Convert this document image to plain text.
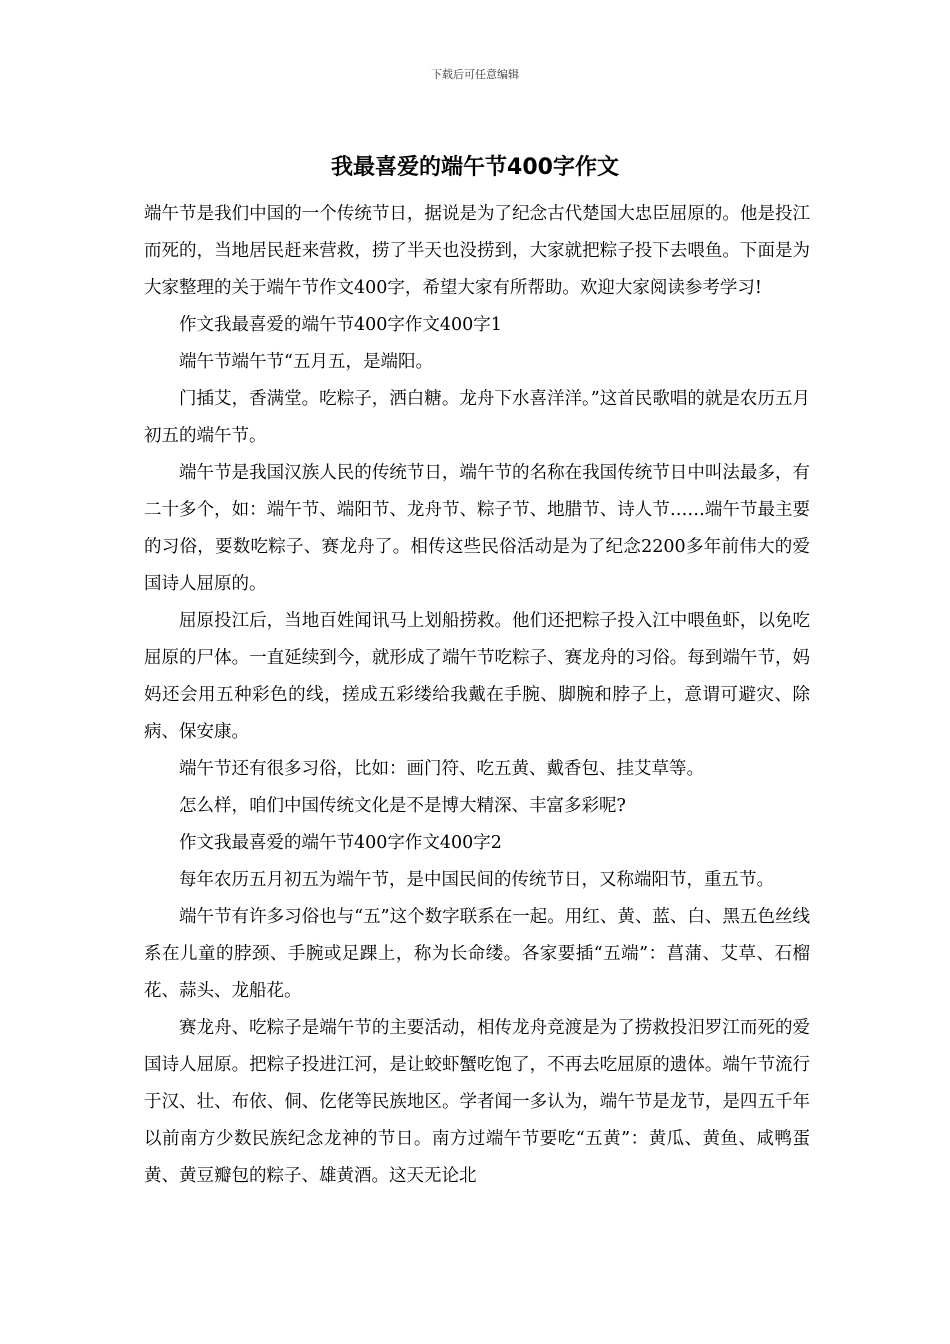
下载后可任意编辑
我最喜爱的端午节400字作文

端午节是我们中国的一个传统节日，据说是为了纪念古代楚国大忠臣屈原的。他是投江而死的，当地居民赶来营救，捞了半天也没捞到，大家就把粽子投下去喂鱼。下面是为大家整理的关于端午节作文400字，希望大家有所帮助。欢迎大家阅读参考学习!

作文我最喜爱的端午节400字作文400字1

端午节端午节“五月五，是端阳。

门插艾，香满堂。吃粽子，洒白糖。龙舟下水喜洋洋。”这首民歌唱的就是农历五月初五的端午节。

端午节是我国汉族人民的传统节日，端午节的名称在我国传统节日中叫法最多，有二十多个，如：端午节、端阳节、龙舟节、粽子节、地腊节、诗人节……端午节最主要的习俗，要数吃粽子、赛龙舟了。相传这些民俗活动是为了纪念2200多年前伟大的爱国诗人屈原的。

屈原投江后，当地百姓闻讯马上划船捞救。他们还把粽子投入江中喂鱼虾，以免吃屈原的尸体。一直延续到今，就形成了端午节吃粽子、赛龙舟的习俗。每到端午节，妈妈还会用五种彩色的线，搓成五彩缕给我戴在手腕、脚腕和脖子上，意谓可避灾、除病、保安康。

端午节还有很多习俗，比如：画门符、吃五黄、戴香包、挂艾草等。

怎么样，咱们中国传统文化是不是博大精深、丰富多彩呢?

作文我最喜爱的端午节400字作文400字2

每年农历五月初五为端午节，是中国民间的传统节日，又称端阳节，重五节。

端午节有许多习俗也与“五”这个数字联系在一起。用红、黄、蓝、白、黑五色丝线系在儿童的脖颈、手腕或足踝上，称为长命缕。各家要插“五端”：菖蒲、艾草、石榴花、蒜头、龙船花。

赛龙舟、吃粽子是端午节的主要活动，相传龙舟竞渡是为了捞救投汨罗江而死的爱国诗人屈原。把粽子投进江河，是让蛟虾蟹吃饱了，不再去吃屈原的遗体。端午节流行于汉、壮、布依、侗、仡佬等民族地区。学者闻一多认为，端午节是龙节，是四五千年以前南方少数民族纪念龙神的节日。南方过端午节要吃“五黄”：黄瓜、黄鱼、咸鸭蛋黄、黄豆瓣包的粽子、雄黄酒。这天无论北
